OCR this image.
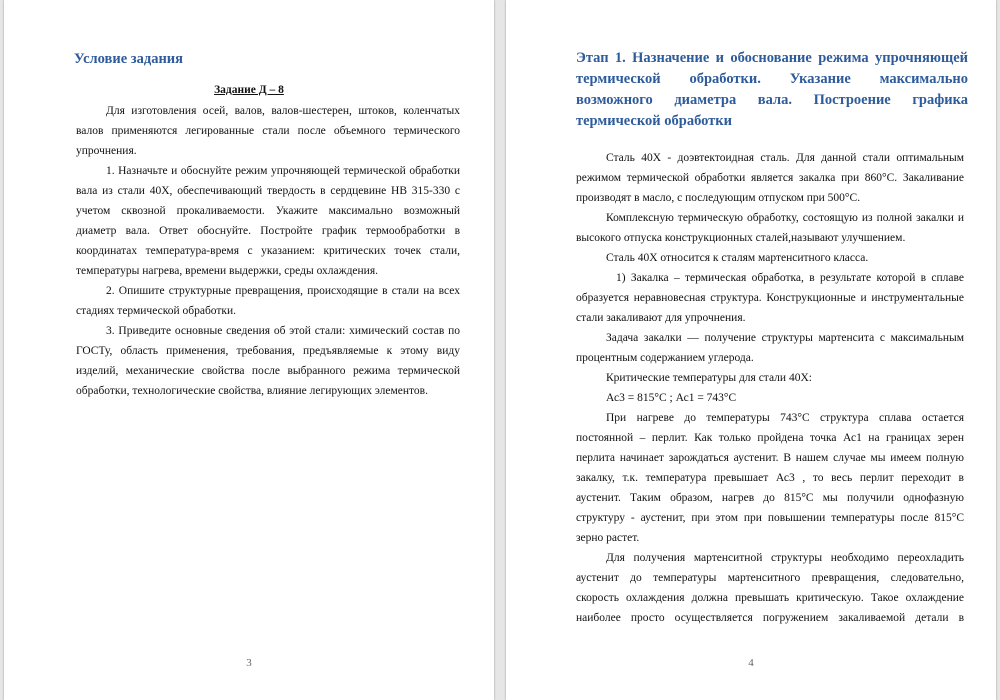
Условие задания
Задание Д – 8

Для изготовления осей, валов, валов-шестерен, штоков, коленчатых валов применяются легированные стали после объемного термического упрочнения.

1. Назначьте и обоснуйте режим упрочняющей термической обработки вала из стали 40Х, обеспечивающий твердость в сердцевине НВ 315-330 с учетом сквозной прокаливаемости. Укажите максимально возможный диаметр вала. Ответ обоснуйте. Постройте график термообработки в координатах температура-время с указанием: критических точек стали, температуры нагрева, времени выдержки, среды охлаждения.

2. Опишите структурные превращения, происходящие в стали на всех стадиях термической обработки.

3. Приведите основные сведения об этой стали: химический состав по ГОСТу, область применения, требования, предъявляемые к этому виду изделий, механические свойства после выбранного режима термической обработки, технологические свойства, влияние легирующих элементов.

3
Этап 1. Назначение и обоснование режима упрочняющей термической обработки. Указание максимально возможного диаметра вала. Построение графика термической обработки

Сталь 40Х - доэвтектоидная сталь. Для данной стали оптимальным режимом термической обработки является закалка при 860°С. Закаливание производят в масло, с последующим отпуском при 500°С.

Комплексную термическую обработку, состоящую из полной закалки и высокого отпуска конструкционных сталей,называют улучшением.

Сталь 40Х относится к сталям мартенситного класса.

1) Закалка – термическая обработка, в результате которой в сплаве образуется неравновесная структура. Конструкционные и инструментальные стали закаливают для упрочнения.

Задача закалки — получение структуры мартенсита с максимальным процентным содержанием углерода.

Критические температуры для стали 40Х:

Ас3 = 815°С ; Ас1 = 743°С

При нагреве до температуры 743°С структура сплава остается постоянной – перлит. Как только пройдена точка Ас1 на границах зерен перлита начинает зарождаться аустенит. В нашем случае мы имеем полную закалку, т.к. температура превышает Ас3 , то весь перлит переходит в аустенит. Таким образом, нагрев до 815°С мы получили однофазную структуру - аустенит, при этом при повышении температуры после 815°С зерно растет.

Для получения мартенситной структуры необходимо переохладить аустенит до температуры мартенситного превращения, следовательно, скорость охлаждения должна превышать критическую. Такое охлаждение наиболее просто осуществляется погружением закаливаемой детали в

4
